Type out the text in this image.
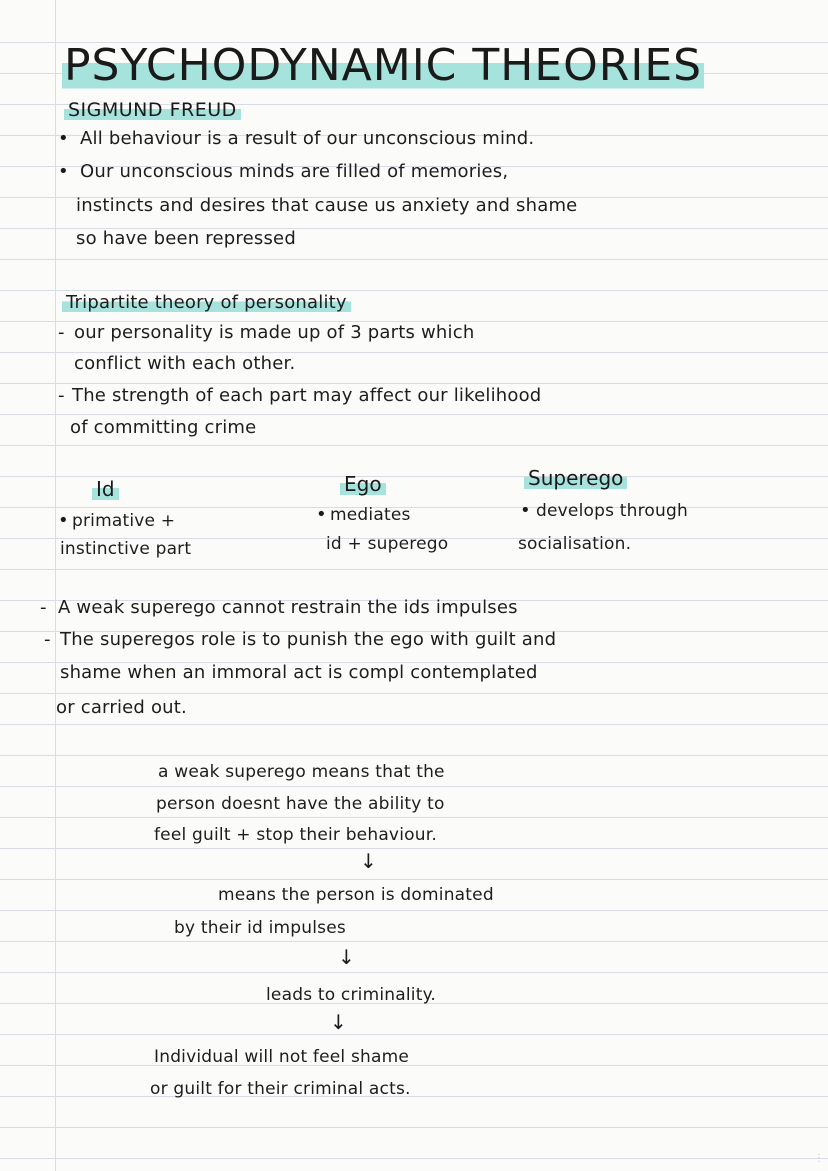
PSYCHODYNAMIC THEORIES
SIGMUND FREUD
• All behaviour is a result of our unconscious mind.
• Our unconscious minds are filled of memories,
instincts and desires that cause us anxiety and shame
so have been repressed
Tripartite theory of personality
- our personality is made up of 3 parts which
conflict with each other.
- The strength of each part may affect our likelihood
of committing crime
Id
• primative +
instinctive part
Ego
• mediates
id + superego
Superego
• develops through
socialisation.
- A weak superego cannot restrain the ids impulses
- The superegos role is to punish the ego with guilt and
shame when an immoral act is compl contemplated
or carried out.
a weak superego means that the
person doesnt have the ability to
feel guilt + stop their behaviour.
↓
means the person is dominated
by their id impulses
↓
leads to criminality.
↓
Individual will not feel shame
or guilt for their criminal acts.
⋮
